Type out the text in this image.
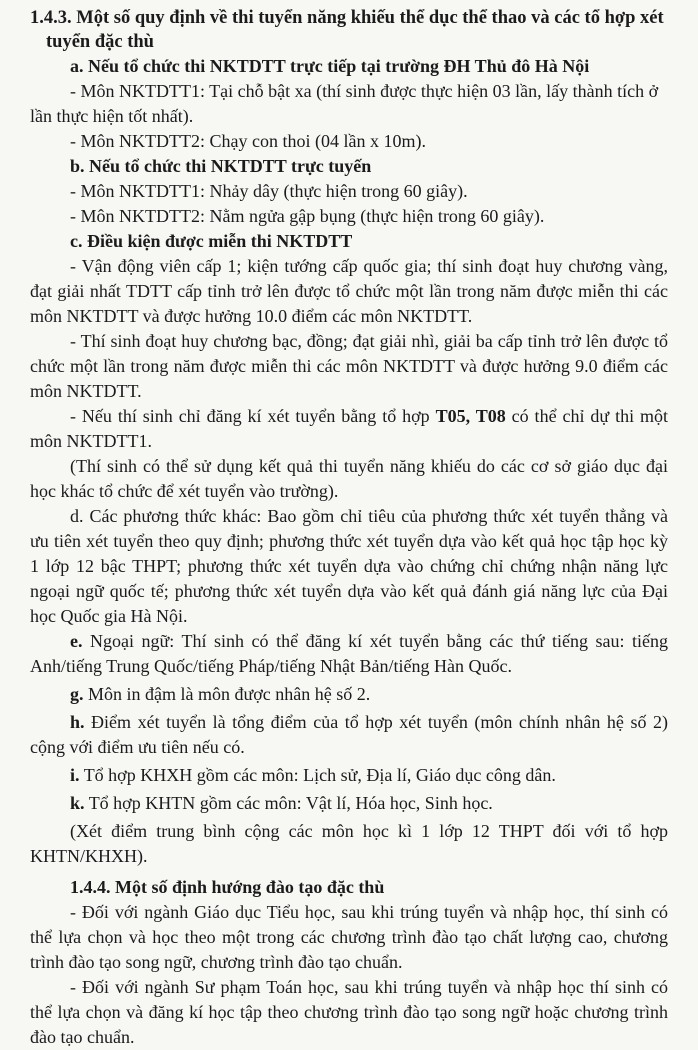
1.4.3. Một số quy định về thi tuyển năng khiếu thể dục thể thao và các tổ hợp xét tuyển đặc thù

a. Nếu tổ chức thi NKTDTT trực tiếp tại trường ĐH Thủ đô Hà Nội

- Môn NKTDTT1: Tại chỗ bật xa (thí sinh được thực hiện 03 lần, lấy thành tích ở lần thực hiện tốt nhất).

- Môn NKTDTT2: Chạy con thoi (04 lần x 10m).

b. Nếu tổ chức thi NKTDTT trực tuyến

- Môn NKTDTT1: Nhảy dây (thực hiện trong 60 giây).

- Môn NKTDTT2: Nằm ngửa gập bụng (thực hiện trong 60 giây).

c. Điều kiện được miễn thi NKTDTT

- Vận động viên cấp 1; kiện tướng cấp quốc gia; thí sinh đoạt huy chương vàng, đạt giải nhất TDTT cấp tỉnh trở lên được tổ chức một lần trong năm được miễn thi các môn NKTDTT và được hưởng 10.0 điểm các môn NKTDTT.

- Thí sinh đoạt huy chương bạc, đồng; đạt giải nhì, giải ba cấp tỉnh trở lên được tổ chức một lần trong năm được miễn thi các môn NKTDTT và được hưởng 9.0 điểm các môn NKTDTT.

- Nếu thí sinh chỉ đăng kí xét tuyển bằng tổ hợp T05, T08 có thể chỉ dự thi một môn NKTDTT1.

(Thí sinh có thể sử dụng kết quả thi tuyển năng khiếu do các cơ sở giáo dục đại học khác tổ chức để xét tuyển vào trường).

d. Các phương thức khác: Bao gồm chỉ tiêu của phương thức xét tuyển thẳng và ưu tiên xét tuyển theo quy định; phương thức xét tuyển dựa vào kết quả học tập học kỳ 1 lớp 12 bậc THPT; phương thức xét tuyển dựa vào chứng chỉ chứng nhận năng lực ngoại ngữ quốc tế; phương thức xét tuyển dựa vào kết quả đánh giá năng lực của Đại học Quốc gia Hà Nội.

e. Ngoại ngữ: Thí sinh có thể đăng kí xét tuyển bằng các thứ tiếng sau: tiếng Anh/tiếng Trung Quốc/tiếng Pháp/tiếng Nhật Bản/tiếng Hàn Quốc.

g. Môn in đậm là môn được nhân hệ số 2.

h. Điểm xét tuyển là tổng điểm của tổ hợp xét tuyển (môn chính nhân hệ số 2) cộng với điểm ưu tiên nếu có.

i. Tổ hợp KHXH gồm các môn: Lịch sử, Địa lí, Giáo dục công dân.

k. Tổ hợp KHTN gồm các môn: Vật lí, Hóa học, Sinh học.

(Xét điểm trung bình cộng các môn học kì 1 lớp 12 THPT đối với tổ hợp KHTN/KHXH).

1.4.4. Một số định hướng đào tạo đặc thù

- Đối với ngành Giáo dục Tiểu học, sau khi trúng tuyển và nhập học, thí sinh có thể lựa chọn và học theo một trong các chương trình đào tạo chất lượng cao, chương trình đào tạo song ngữ, chương trình đào tạo chuẩn.

- Đối với ngành Sư phạm Toán học, sau khi trúng tuyển và nhập học thí sinh có thể lựa chọn và đăng kí học tập theo chương trình đào tạo song ngữ hoặc chương trình đào tạo chuẩn.
